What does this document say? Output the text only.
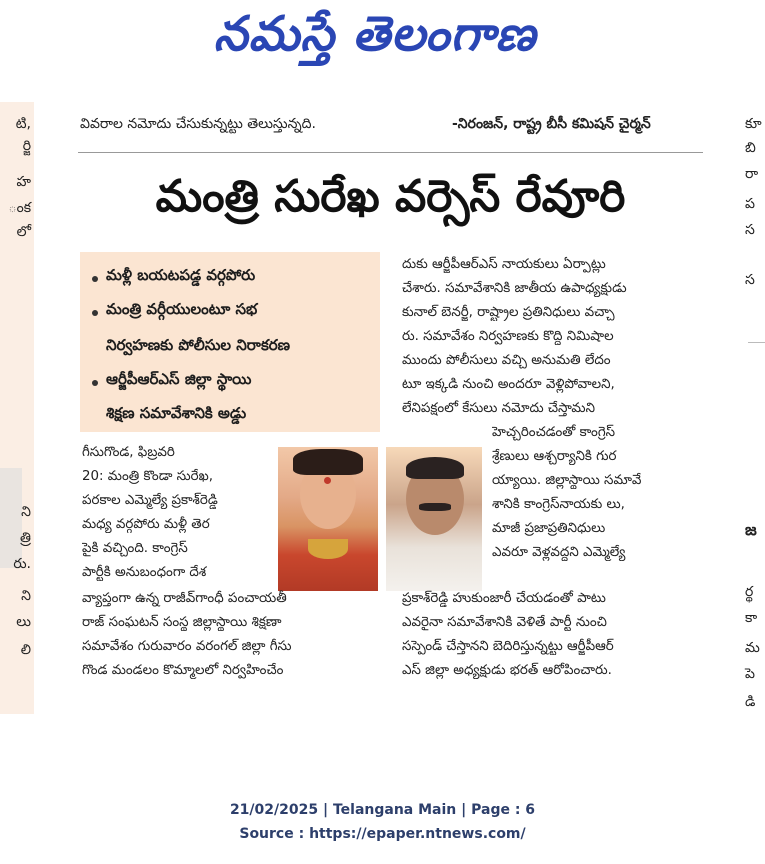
నమస్తే తెలంగాణ
టి,
ర్జి
హ
ంక
లో
ని
త్రి
రు.
ని
లు
లి
కూ
బి
రా
ప
స
స
జ
ర్థ
కా
మ
పె
డి
వివరాల నమోదు చేసుకున్నట్టు తెలుస్తున్నది.	-నిరంజన్, రాష్ట్ర బీసీ కమిషన్ చైర్మన్
మంత్రి సురేఖ వర్సెస్ రేవూరి
మళ్లీ బయటపడ్డ వర్గపోరు
మంత్రి వర్గీయులంటూ సభ
నిర్వహణకు పోలీసుల నిరాకరణ
ఆర్జీపీఆర్ఎస్ జిల్లా స్థాయి
శిక్షణ సమావేశానికి అడ్డు
గీసుగొండ, ఫిబ్రవరి
20: మంత్రి కొండా సురేఖ,
పరకాల ఎమ్మెల్యే ప్రకాశ్‌రెడ్డి
మధ్య వర్గపోరు మళ్లీ తెర
పైకి వచ్చింది. కాంగ్రెస్
పార్టీకి అనుబంధంగా దేశ
వ్యాప్తంగా ఉన్న రాజీవ్‌గాంధీ పంచాయతీ
రాజ్ సంఘటన్ సంస్థ జిల్లాస్థాయి శిక్షణా
సమావేశం గురువారం వరంగల్ జిల్లా గీసు
గొండ మండలం కొమ్మాలలో నిర్వహించేం
దుకు ఆర్జీపీఆర్ఎస్ నాయకులు ఏర్పాట్లు
చేశారు. సమావేశానికి జాతీయ ఉపాధ్యక్షుడు
కునాల్ బెనర్జీ, రాష్ట్రాల ప్రతినిధులు వచ్చా
రు. సమావేశం నిర్వహణకు కొద్ది నిమిషాల
ముందు పోలీసులు వచ్చి అనుమతి లేదం
టూ ఇక్కడి నుంచి అందరూ వెళ్లిపోవాలని,
లేనిపక్షంలో కేసులు నమోదు చేస్తామని
హెచ్చరించడంతో కాంగ్రెస్
శ్రేణులు ఆశ్చర్యానికి గుర
య్యాయి. జిల్లాస్థాయి సమావే
శానికి కాంగ్రెస్‌నాయకు లు,
మాజీ ప్రజాప్రతినిధులు
ఎవరూ వెళ్లవద్దని ఎమ్మెల్యే
ప్రకాశ్‌రెడ్డి హుకుంజారీ చేయడంతో పాటు
ఎవరైనా సమావేశానికి వెళితే పార్టీ నుంచి
సస్పెండ్ చేస్తానని బెదిరిస్తున్నట్టు ఆర్జీపీఆర్
ఎస్ జిల్లా అధ్యక్షుడు భరత్ ఆరోపించారు.
21/02/2025 | Telangana Main | Page : 6
Source : https://epaper.ntnews.com/
